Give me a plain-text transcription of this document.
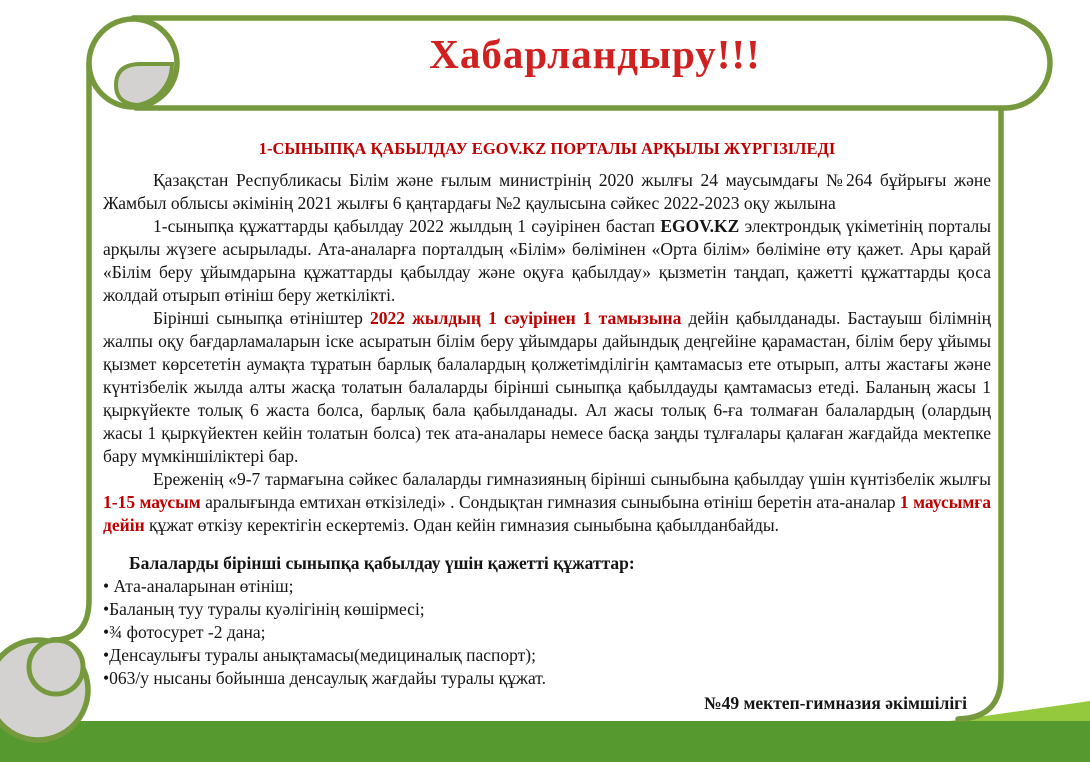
Хабарландыру!!!
1-СЫНЫПҚА ҚАБЫЛДАУ EGOV.KZ ПОРТАЛЫ АРҚЫЛЫ ЖҮРГІЗІЛЕДІ

Қазақстан Республикасы Білім және ғылым министрінің 2020 жылғы 24 маусымдағы №264 бұйрығы және Жамбыл облысы әкімінің 2021 жылғы 6 қаңтардағы №2 қаулысына сәйкес 2022-2023 оқу жылына

1-сыныпқа құжаттарды қабылдау 2022 жылдың 1 сәуірінен бастап EGOV.KZ электрондық үкіметінің порталы арқылы жүзеге асырылады. Ата-аналарға порталдың «Білім» бөлімінен «Орта білім» бөліміне өту қажет. Ары қарай «Білім беру ұйымдарына құжаттарды қабылдау және оқуға қабылдау» қызметін таңдап, қажетті құжаттарды қоса жолдай отырып өтініш беру жеткілікті.

Бірінші сыныпқа өтініштер 2022 жылдың 1 сәуірінен 1 тамызына дейін қабылданады. Бастауыш білімнің жалпы оқу бағдарламаларын іске асыратын білім беру ұйымдары дайындық деңгейіне қарамастан, білім беру ұйымы қызмет көрсететін аумақта тұратын барлық балалардың қолжетімділігін қамтамасыз ете отырып, алты жастағы және күнтізбелік жылда алты жасқа толатын балаларды бірінші сыныпқа қабылдауды қамтамасыз етеді. Баланың жасы 1 қыркүйекте толық 6 жаста болса, барлық бала қабылданады. Ал жасы толық 6-ға толмаған балалардың (олардың жасы 1 қыркүйектен кейін толатын болса) тек ата-аналары немесе басқа заңды тұлғалары қалаған жағдайда мектепке бару мүмкіншіліктері бар.

Ереженің «9-7 тармағына сәйкес балаларды гимназияның бірінші сыныбына қабылдау үшін күнтізбелік жылғы 1-15 маусым аралығында емтихан өткізіледі» . Сондықтан гимназия сыныбына өтініш беретін ата-аналар 1 маусымға дейін құжат өткізу керектігін ескертеміз. Одан кейін гимназия сыныбына қабылданбайды.

Балаларды бірінші сыныпқа қабылдау үшін қажетті құжаттар:
• Ата-аналарынан өтініш;
•Баланың туу туралы куәлігінің көшірмесі;
•¾ фотосурет -2 дана;
•Денсаулығы туралы анықтамасы(медициналық паспорт);
•063/у нысаны бойынша денсаулық жағдайы туралы құжат.
№49 мектеп-гимназия әкімшілігі
